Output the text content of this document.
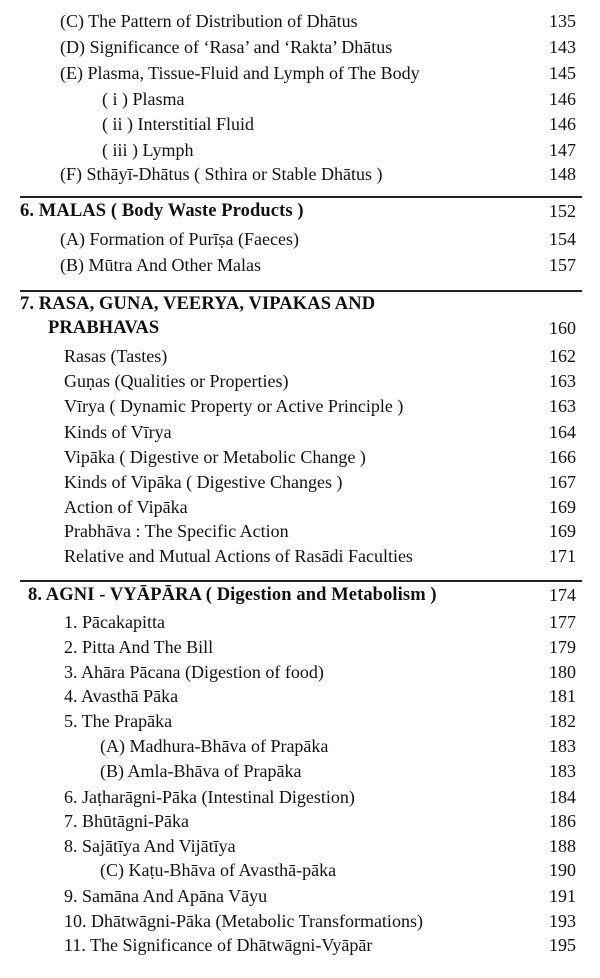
(C) The Pattern of Distribution of Dhātus	135
(D) Significance of ‘Rasa’ and ‘Rakta’ Dhātus	143
(E) Plasma, Tissue-Fluid and Lymph of The Body	145
( i ) Plasma	146
( ii ) Interstitial Fluid	146
( iii ) Lymph	147
(F) Sthāyī-Dhātus ( Sthira or Stable Dhātus )	148
6. MALAS ( Body Waste Products )	152
(A) Formation of Purīṣa (Faeces)	154
(B) Mūtra And Other Malas	157
7. RASA, GUNA, VEERYA, VIPAKAS AND
PRABHAVAS	160
Rasas (Tastes)	162
Guṇas (Qualities or Properties)	163
Vīrya ( Dynamic Property or Active Principle )	163
Kinds of Vīrya	164
Vipāka ( Digestive or Metabolic Change )	166
Kinds of Vipāka ( Digestive Changes )	167
Action of Vipāka	169
Prabhāva : The Specific Action	169
Relative and Mutual Actions of Rasādi Faculties	171
8. AGNI - VYĀPĀRA ( Digestion and Metabolism )	174
1. Pācakapitta	177
2. Pitta And The Bill	179
3. Ahāra Pācana (Digestion of food)	180
4. Avasthā Pāka	181
5. The Prapāka	182
(A) Madhura-Bhāva of Prapāka	183
(B) Amla-Bhāva of Prapāka	183
6. Jaṭharāgni-Pāka (Intestinal Digestion)	184
7. Bhūtāgni-Pāka	186
8. Sajātīya And Vijātīya	188
(C) Kaṭu-Bhāva of Avasthā-pāka	190
9. Samāna And Apāna Vāyu	191
10. Dhātwāgni-Pāka (Metabolic Transformations)	193
11. The Significance of Dhātwāgni-Vyāpār	195
